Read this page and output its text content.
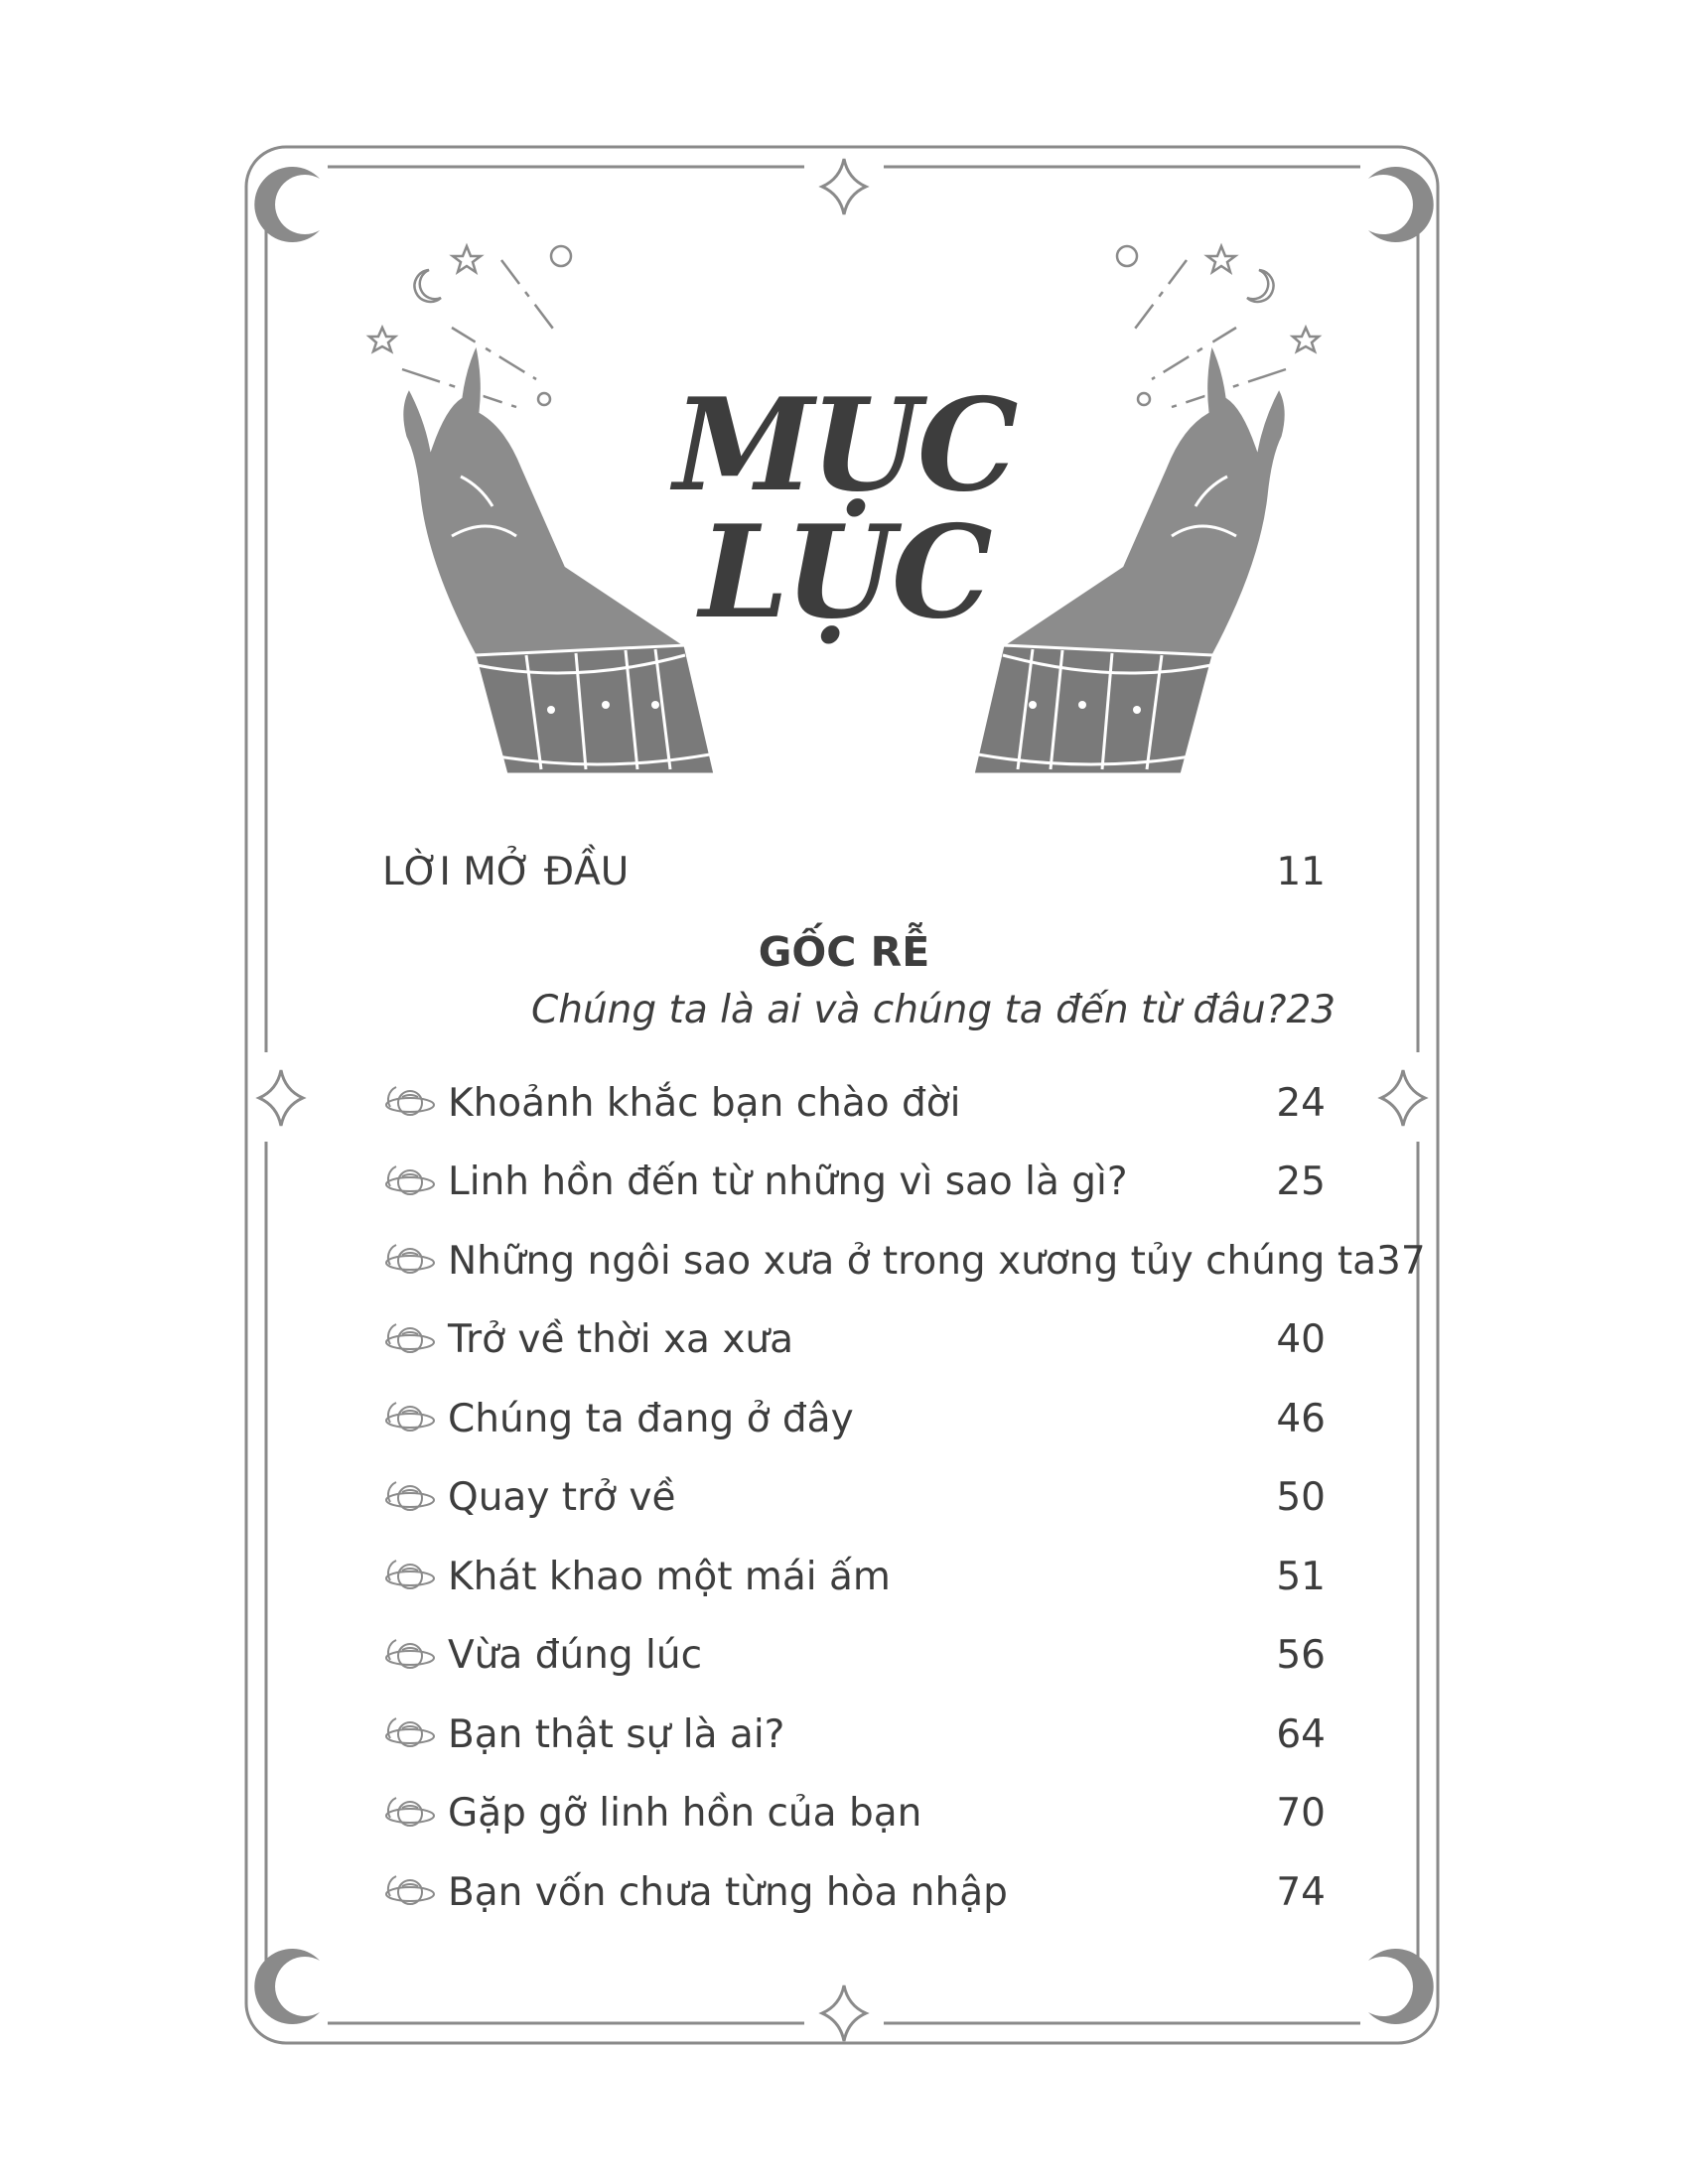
MỤC LỤC
LỜI MỞ ĐẦU	11
GỐC RỄ
Chúng ta là ai và chúng ta đến từ đâu? 23
Khoảnh khắc bạn chào đời	24
Linh hồn đến từ những vì sao là gì?	25
Những ngôi sao xưa ở trong xương tủy chúng ta 37
Trở về thời xa xưa	40
Chúng ta đang ở đây	46
Quay trở về	50
Khát khao một mái ấm	51
Vừa đúng lúc	56
Bạn thật sự là ai?	64
Gặp gỡ linh hồn của bạn	70
Bạn vốn chưa từng hòa nhập	74
